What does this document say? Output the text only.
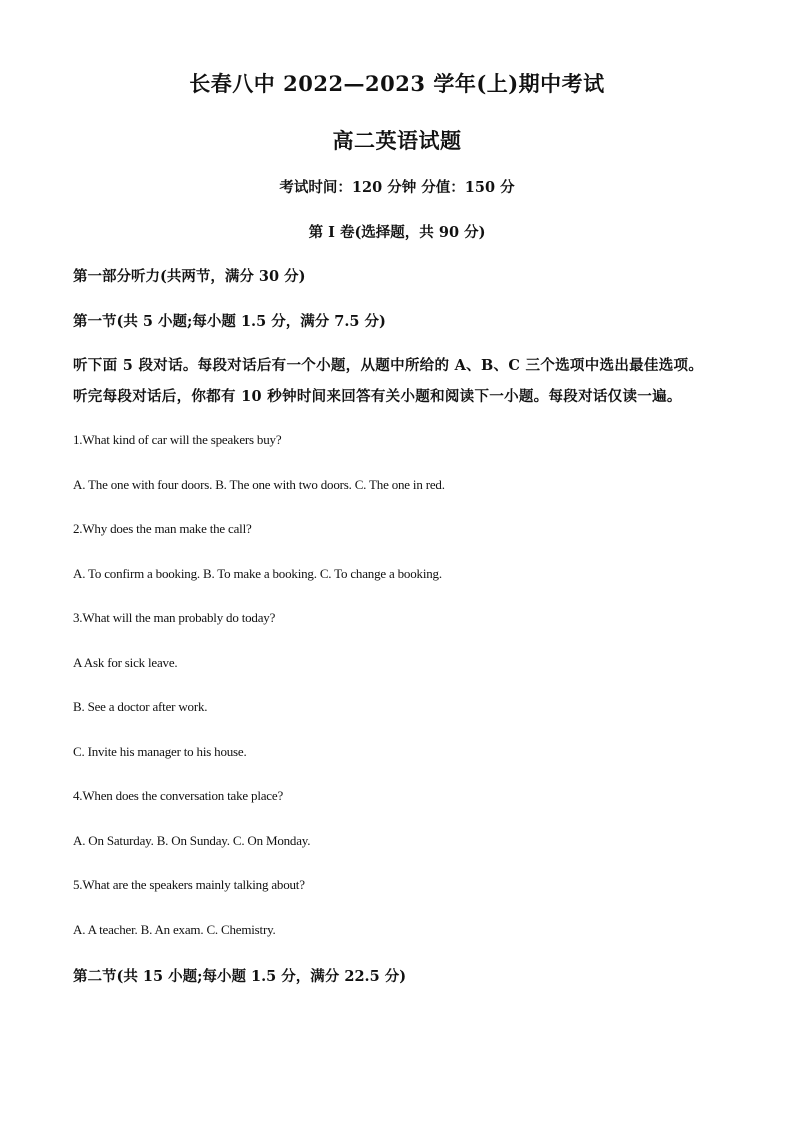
长春八中 2022—2023 学年(上)期中考试
高二英语试题
考试时间：120 分钟 分值：150 分
第 I 卷(选择题，共 90 分)
第一部分听力(共两节，满分 30 分)
第一节(共 5 小题;每小题 1.5 分，满分 7.5 分)
听下面 5 段对话。每段对话后有一个小题，从题中所给的 A、B、C 三个选项中选出最佳选项。
听完每段对话后，你都有 10 秒钟时间来回答有关小题和阅读下一小题。每段对话仅读一遍。
1.What kind of car will the speakers buy?
A. The one with four doors. B. The one with two doors. C. The one in red.
2.Why does the man make the call?
A. To confirm a booking. B. To make a booking. C. To change a booking.
3.What will the man probably do today?
A Ask for sick leave.
B. See a doctor after work.
C. Invite his manager to his house.
4.When does the conversation take place?
A. On Saturday. B. On Sunday. C. On Monday.
5.What are the speakers mainly talking about?
A. A teacher. B. An exam. C. Chemistry.
第二节(共 15 小题;每小题 1.5 分，满分 22.5 分)
